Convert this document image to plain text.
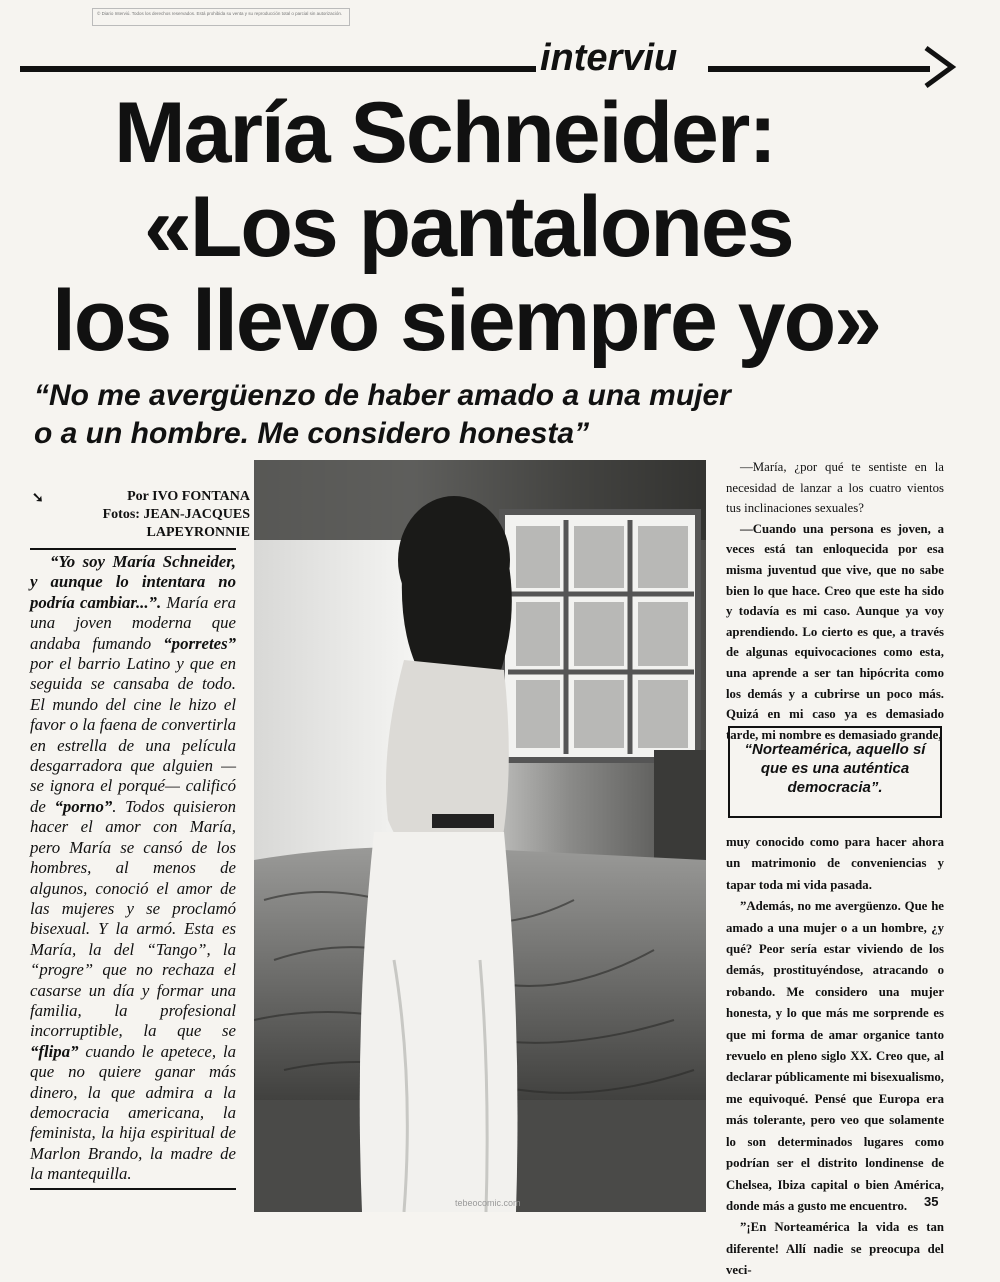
© Diario Interviú. Todos los derechos reservados. Está prohibida su venta y su reproducción total o parcial sin autorización.
interviu
María Schneider:
«Los pantalones
los llevo siempre yo»
“No me avergüenzo de haber amado a una mujer
o a un hombre. Me considero honesta”
➘	Por IVO FONTANA
Fotos: JEAN-JACQUES
LAPEYRONNIE

“Yo soy María Schneider, y aunque lo intentara no podría cambiar...”. María era una joven moderna que andaba fumando “porretes” por el barrio Latino y que en seguida se cansaba de todo. El mundo del cine le hizo el favor o la faena de convertirla en estrella de una película desgarradora que alguien —se ignora el porqué— calificó de “porno”. Todos quisieron hacer el amor con María, pero María se cansó de los hombres, al menos de algunos, conoció el amor de las mujeres y se proclamó bisexual. Y la armó. Esta es María, la del “Tango”, la “progre” que no rechaza el casarse un día y formar una familia, la profesional incorruptible, la que se “flipa” cuando le apetece, la que no quiere ganar más dinero, la que admira a la democracia americana, la feminista, la hija espiritual de Marlon Brando, la madre de la mantequilla.

—María, ¿por qué te sentiste en la necesidad de lanzar a los cuatro vientos tus inclinaciones sexuales?

—Cuando una persona es joven, a veces está tan enloquecida por esa misma juventud que vive, que no sabe bien lo que hace. Creo que este ha sido y todavía es mi caso. Aunque ya voy aprendiendo. Lo cierto es que, a través de algunas equivocaciones como esta, una aprende a ser tan hipócrita como los demás y a cubrirse un poco más. Quizá en mi caso ya es demasiado tarde, mi nombre es demasiado grande,

“Norteamérica, aquello sí que es una auténtica democracia”.

muy conocido como para hacer ahora un matrimonio de conveniencias y tapar toda mi vida pasada.

”Además, no me avergüenzo. Que he amado a una mujer o a un hombre, ¿y qué? Peor sería estar viviendo de los demás, prostituyéndose, atracando o robando. Me considero una mujer honesta, y lo que más me sorprende es que mi forma de amar organice tanto revuelo en pleno siglo XX. Creo que, al declarar públicamente mi bisexualismo, me equivoqué. Pensé que Europa era más tolerante, pero veo que solamente lo son determinados lugares como podrían ser el distrito londinense de Chelsea, Ibiza capital o bien América, donde más a gusto me encuentro.

”¡En Norteamérica la vida es tan diferente! Allí nadie se preocupa del veci-

tebeocomic.com	35
